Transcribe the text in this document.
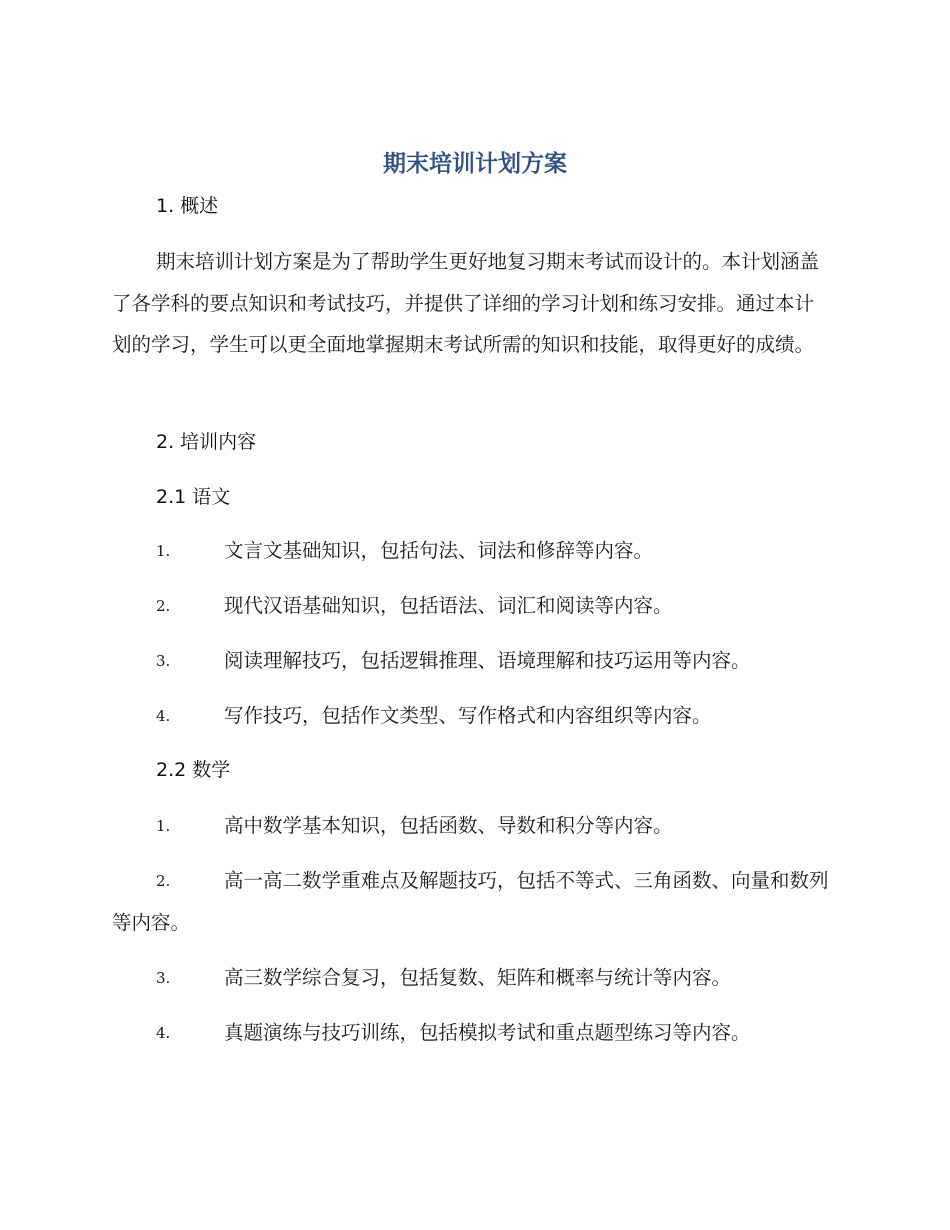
期末培训计划方案
1. 概述
期末培训计划方案是为了帮助学生更好地复习期末考试而设计的。本计划涵盖了各学科的要点知识和考试技巧，并提供了详细的学习计划和练习安排。通过本计划的学习，学生可以更全面地掌握期末考试所需的知识和技能，取得更好的成绩。
2. 培训内容
2.1 语文
1.	文言文基础知识，包括句法、词法和修辞等内容。
2.	现代汉语基础知识，包括语法、词汇和阅读等内容。
3.	阅读理解技巧，包括逻辑推理、语境理解和技巧运用等内容。
4.	写作技巧，包括作文类型、写作格式和内容组织等内容。
2.2 数学
1.	高中数学基本知识，包括函数、导数和积分等内容。
2.	高一高二数学重难点及解题技巧，包括不等式、三角函数、向量和数列等内容。
3.	高三数学综合复习，包括复数、矩阵和概率与统计等内容。
4.	真题演练与技巧训练，包括模拟考试和重点题型练习等内容。
